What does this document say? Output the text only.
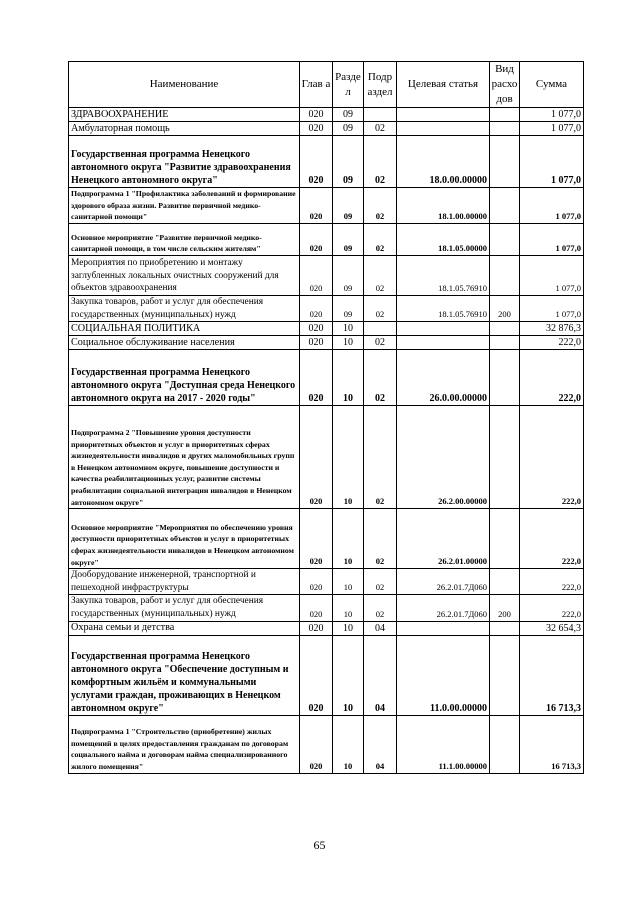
Наименование	Глав а	Разде л	Подр аздел	Целевая статья	Вид расхо дов	Сумма
ЗДРАВООХРАНЕНИЕ	020	09				1 077,0
Амбулаторная помощь	020	09	02			1 077,0
Государственная программа Ненецкого автономного округа "Развитие здравоохранения Ненецкого автономного округа"	020	09	02	18.0.00.00000		1 077,0
Подпрограмма 1 "Профилактика заболеваний и формирование здорового образа жизни. Развитие первичной медико-санитарной помощи"	020	09	02	18.1.00.00000		1 077,0
Основное мероприятие "Развитие первичной медико-санитарной помощи, в том числе сельским жителям"	020	09	02	18.1.05.00000		1 077,0
Мероприятия по приобретению и монтажу заглубленных локальных очистных сооружений для объектов здравоохранения	020	09	02	18.1.05.76910		1 077,0
Закупка товаров, работ и услуг для обеспечения государственных (муниципальных) нужд	020	09	02	18.1.05.76910	200	1 077,0
СОЦИАЛЬНАЯ ПОЛИТИКА	020	10				32 876,3
Социальное обслуживание населения	020	10	02			222,0
Государственная программа Ненецкого автономного округа "Доступная среда Ненецкого автономного округа на 2017 - 2020 годы"	020	10	02	26.0.00.00000		222,0
Подпрограмма 2 "Повышение уровня доступности приоритетных объектов и услуг в приоритетных сферах жизнедеятельности инвалидов и других маломобильных групп в Ненецком автономном округе, повышение доступности и качества реабилитационных услуг, развитие системы реабилитации социальной интеграции инвалидов в Ненецком автономном округе"	020	10	02	26.2.00.00000		222,0
Основное мероприятие "Мероприятия по обеспечению уровня доступности приоритетных объектов и услуг в приоритетных сферах жизнедеятельности инвалидов в Ненецком автономном округе"	020	10	02	26.2.01.00000		222,0
Дооборудование инженерной, транспортной и пешеходной инфраструктуры	020	10	02	26.2.01.7Д060		222,0
Закупка товаров, работ и услуг для обеспечения государственных (муниципальных) нужд	020	10	02	26.2.01.7Д060	200	222,0
Охрана семьи и детства	020	10	04			32 654,3
Государственная программа Ненецкого автономного округа "Обеспечение доступным и комфортным жильём и коммунальными услугами граждан, проживающих в Ненецком автономном округе"	020	10	04	11.0.00.00000		16 713,3
Подпрограмма 1 "Строительство (приобретение) жилых помещений в целях предоставления гражданам по договорам социального найма и договорам найма специализированного жилого помещения"	020	10	04	11.1.00.00000		16 713,3
65
